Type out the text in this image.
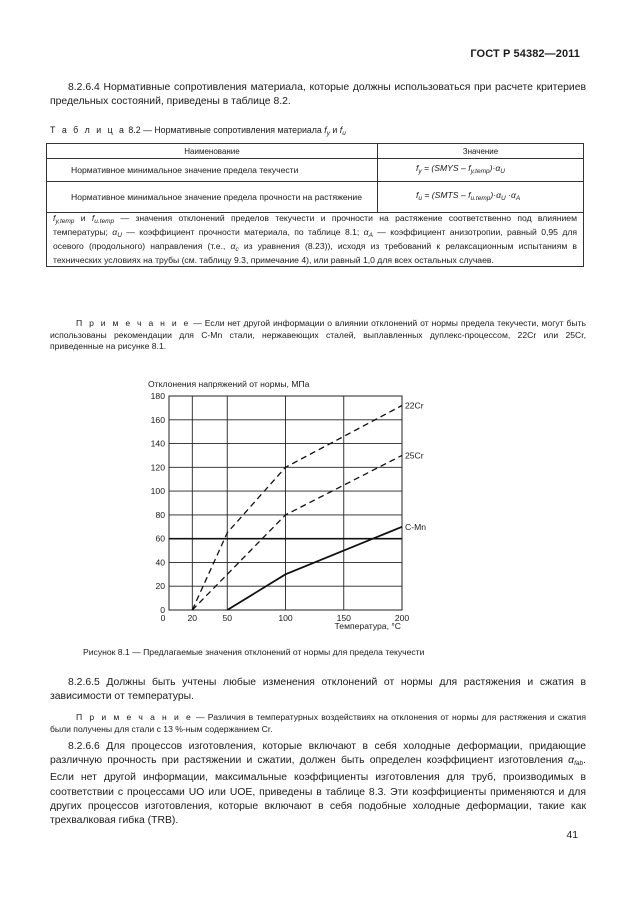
ГОСТ Р 54382—2011
8.2.6.4 Нормативные сопротивления материала, которые должны использоваться при расчете критериев предельных состояний, приведены в таблице 8.2.
Т а б л и ц а 8.2 — Нормативные сопротивления материала $f_y$ и $f_u$
Наименование	Значение
Нормативное минимальное значение предела текучести	$f_y$ = (SMYS – $f_{y,temp})\cdot\alpha_U$
Нормативное минимальное значение предела прочности на растяжение	$f_u$ = (SMTS – $f_{u.temp})\cdot\alpha_U \cdot\alpha_A$
$f_{y,temp}$ и $f_{u.temp}$ — значения отклонений пределов текучести и прочности на растяжение соответственно под влиянием температуры; $\alpha_U$ — коэффициент прочности материала, по таблице 8.1; $\alpha_A$ — коэффициент анизотропии, равный 0,95 для осевого (продольного) направления (т.е., $\alpha_c$ из уравнения (8.23)), исходя из требований к релаксационным испытаниям в технических условиях на трубы (см. таблицу 9.3, примечание 4), или равный 1,0 для всех остальных случаев.	
П р и м е ч а н и е — Если нет другой информации о влиянии отклонений от нормы предела текучести, могут быть использованы рекомендации для C-Mn стали, нержавеющих сталей, выплавленных дуплекс-процессом, 22Cr или 25Cr, приведенные на рисунке 8.1.
Отклонения напряжений от нормы, МПа
0
20
40
60
80
100
120
140
160
180
0	20	50	100	150	200
22Cr
25Cr
C-Mn
Температура, °С
Рисунок 8.1 — Предлагаемые значения отклонений от нормы для предела текучести
8.2.6.5 Должны быть учтены любые изменения отклонений от нормы для растяжения и сжатия в зависимости от температуры.
П р и м е ч а н и е — Различия в температурных воздействиях на отклонения от нормы для растяжения и сжатия были получены для стали с 13 %-ным содержанием Cr.
8.2.6.6 Для процессов изготовления, которые включают в себя холодные деформации, придающие различную прочность при растяжении и сжатии, должен быть определен коэффициент изготовления $\alpha_{fab}$. Если нет другой информации, максимальные коэффициенты изготовления для труб, производимых в соответствии с процессами UO или UOE, приведены в таблице 8.3. Эти коэффициенты применяются и для других процессов изготовления, которые включают в себя подобные холодные деформации, такие как трехвалковая гибка (TRB).
41
